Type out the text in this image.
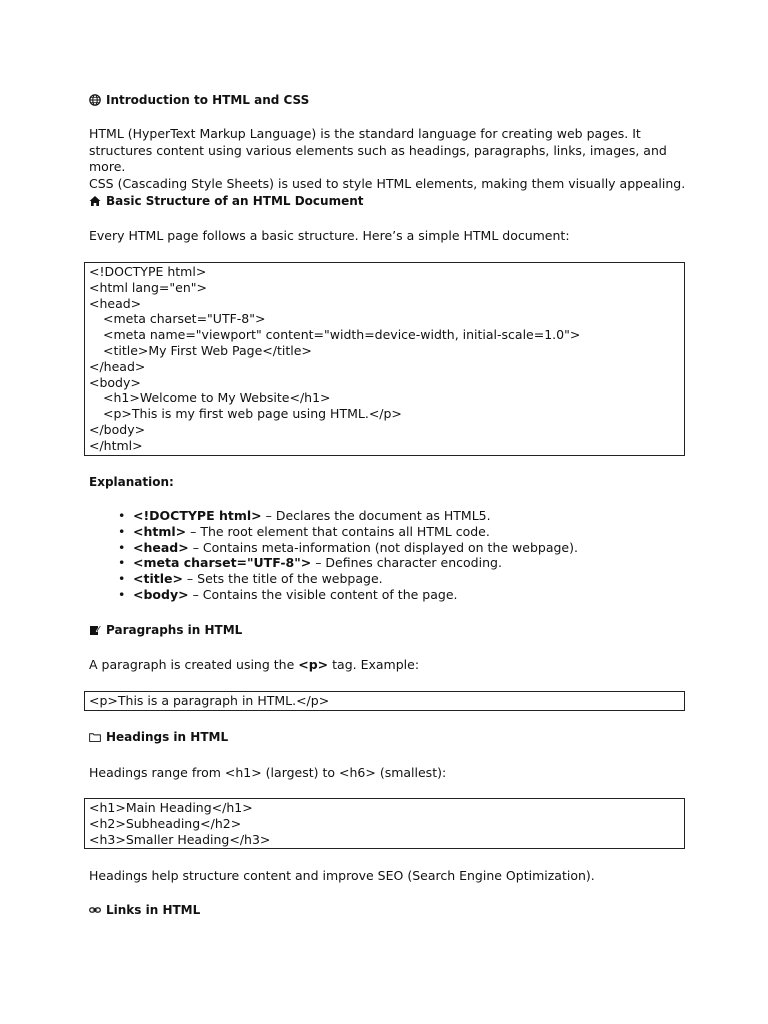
Introduction to HTML and CSS

HTML (HyperText Markup Language) is the standard language for creating web pages. It

structures content using various elements such as headings, paragraphs, links, images, and more.

CSS (Cascading Style Sheets) is used to style HTML elements, making them visually appealing.

Basic Structure of an HTML Document

Every HTML page follows a basic structure. Here’s a simple HTML document:

<!DOCTYPE html>
<html lang="en">
<head>
<meta charset="UTF-8">
<meta name="viewport" content="width=device-width, initial-scale=1.0">
<title>My First Web Page</title>
</head>
<body>
<h1>Welcome to My Website</h1>
<p>This is my first web page using HTML.</p>
</body>
</html>
Explanation:
• <!DOCTYPE html> – Declares the document as HTML5.
• <html> – The root element that contains all HTML code.
• <head> – Contains meta-information (not displayed on the webpage).
• <meta charset="UTF-8"> – Defines character encoding.
• <title> – Sets the title of the webpage.
• <body> – Contains the visible content of the page.
Paragraphs in HTML

A paragraph is created using the <p> tag. Example:

<p>This is a paragraph in HTML.</p>
Headings in HTML

Headings range from <h1> (largest) to <h6> (smallest):

<h1>Main Heading</h1>
<h2>Subheading</h2>
<h3>Smaller Heading</h3>

Headings help structure content and improve SEO (Search Engine Optimization).

Links in HTML
